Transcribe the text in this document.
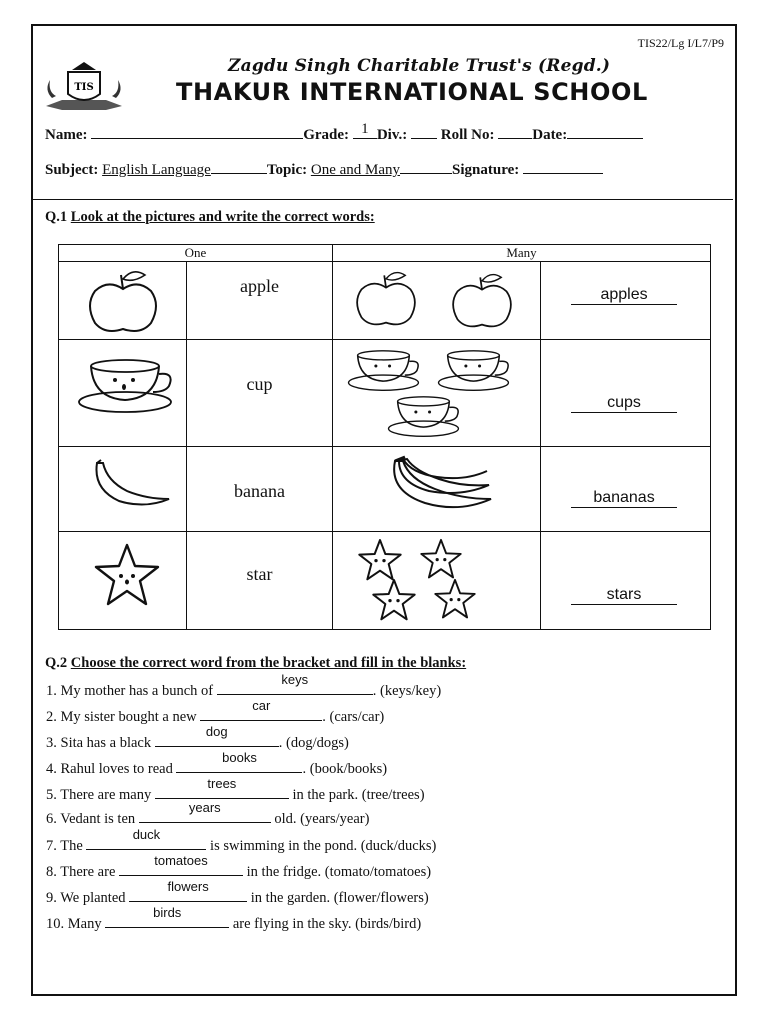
TIS22/Lg I/L7/P9
TIS
Zagdu Singh Charitable Trust's (Regd.)
THAKUR INTERNATIONAL SCHOOL
Name:	Grade: 1 Div.: Roll No:	Date:
Subject: English Language	Topic: One and Many	Signature:
Q.1 Look at the pictures and write the correct words:
One		Many	

apple		apples

cup		cups

banana		bananas

star		stars
Q.2 Choose the correct word from the bracket and fill in the blanks:
1. My mother has a bunch of
keys
. (keys/key)
2. My sister bought a new
car
. (cars/car)
3. Sita has a black
dog
. (dog/dogs)
4. Rahul loves to read
books
. (book/books)
5. There are many
trees
in the park. (tree/trees)
6. Vedant is ten
years
old. (years/year)
7. The
duck
is swimming in the pond. (duck/ducks)
8. There are
tomatoes
in the fridge. (tomato/tomatoes)
9. We planted
flowers
in the garden. (flower/flowers)
10. Many
birds
are flying in the sky. (birds/bird)
